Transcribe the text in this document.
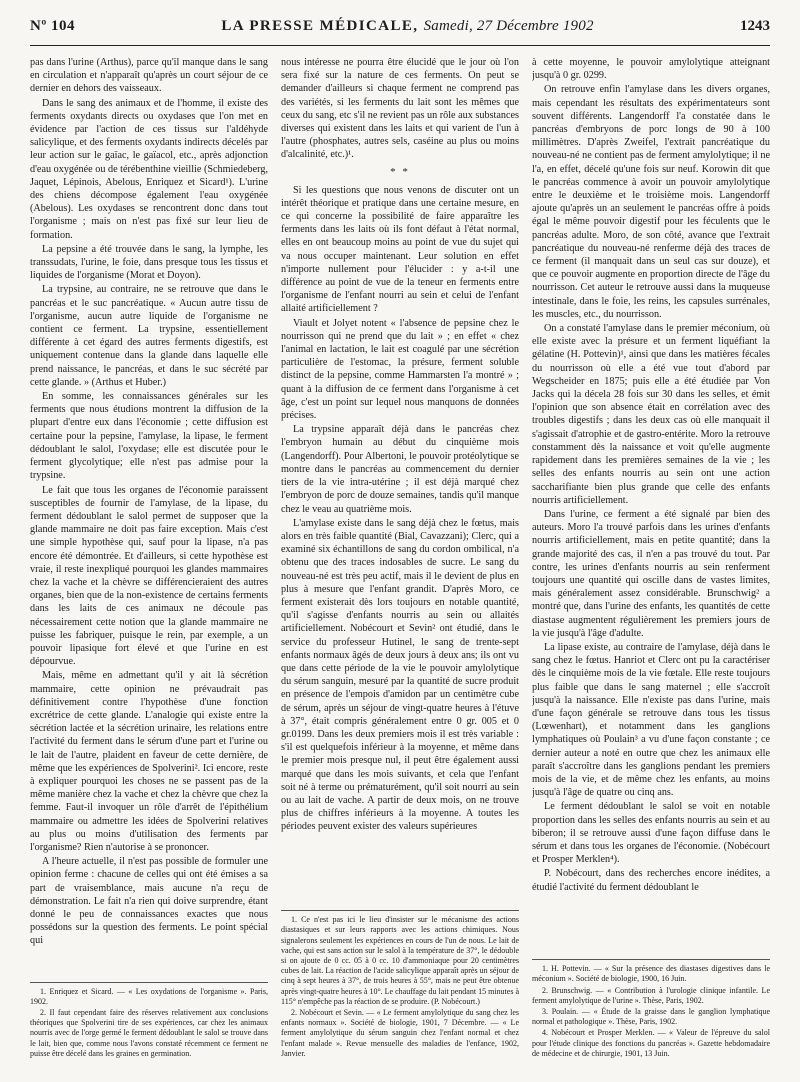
Nº 104	LA PRESSE MÉDICALE, Samedi, 27 Décembre 1902	1243

pas dans l'urine (Arthus), parce qu'il manque dans le sang en circulation et n'apparaît qu'après un court séjour de ce dernier en dehors des vaisseaux.

Dans le sang des animaux et de l'homme, il existe des ferments oxydants directs ou oxydases que l'on met en évidence par l'action de ces tissus sur l'aldéhyde salicylique, et des ferments oxydants indirects décelés par leur action sur le gaïac, le gaïacol, etc., après adjonction d'eau oxygénée ou de térébenthine vieillie (Schmiedeberg, Jaquet, Lépinois, Abelous, Enriquez et Sicard¹). L'urine des chiens décompose également l'eau oxygénée (Abelous). Les oxydases se rencontrent donc dans tout l'organisme ; mais on n'est pas fixé sur leur lieu de formation.

La pepsine a été trouvée dans le sang, la lymphe, les transsudats, l'urine, le foie, dans presque tous les tissus et liquides de l'organisme (Morat et Doyon).

La trypsine, au contraire, ne se retrouve que dans le pancréas et le suc pancréatique. « Aucun autre tissu de l'organisme, aucun autre liquide de l'organisme ne contient ce ferment. La trypsine, essentiellement différente à cet égard des autres ferments digestifs, est uniquement contenue dans la glande dans laquelle elle prend naissance, le pancréas, et dans le suc sécrété par cette glande. » (Arthus et Huber.)

En somme, les connaissances générales sur les ferments que nous étudions montrent la diffusion de la plupart d'entre eux dans l'économie ; cette diffusion est certaine pour la pepsine, l'amylase, la lipase, le ferment dédoublant le salol, l'oxydase; elle est discutée pour le ferment glycolytique; elle n'est pas admise pour la trypsine.

Le fait que tous les organes de l'économie paraissent susceptibles de fournir de l'amylase, de la lipase, du ferment dédoublant le salol permet de supposer que la glande mammaire ne doit pas faire exception. Mais c'est une simple hypothèse qui, sauf pour la lipase, n'a pas encore été démontrée. Et d'ailleurs, si cette hypothèse est vraie, il reste inexpliqué pourquoi les glandes mammaires chez la vache et la chèvre se différencieraient des autres organes, bien que de la non-existence de certains ferments dans les laits de ces animaux ne découle pas nécessairement cette notion que la glande mammaire ne puisse les fabriquer, puisque le rein, par exemple, a un pouvoir lipasique fort élevé et que l'urine en est dépourvue.

Mais, même en admettant qu'il y ait là sécrétion mammaire, cette opinion ne prévaudrait pas définitivement contre l'hypothèse d'une fonction excrétrice de cette glande. L'analogie qui existe entre la sécrétion lactée et la sécrétion urinaire, les relations entre l'activité du ferment dans le sérum d'une part et l'urine ou le lait de l'autre, plaident en faveur de cette dernière, de même que les expériences de Spolverini². Ici encore, reste à expliquer pourquoi les choses ne se passent pas de la même manière chez la vache et chez la chèvre que chez la femme. Faut-il invoquer un rôle d'arrêt de l'épithélium mammaire ou admettre les idées de Spolverini relatives au plus ou moins d'utilisation des ferments par l'organisme? Rien n'autorise à se prononcer.

A l'heure actuelle, il n'est pas possible de formuler une opinion ferme : chacune de celles qui ont été émises a sa part de vraisemblance, mais aucune n'a reçu de démonstration. Le fait n'a rien qui doive surprendre, étant donné le peu de connaissances exactes que nous possédons sur la question des ferments. Le point spécial qui

1. Enriquez et Sicard. — « Les oxydations de l'organisme ». Paris, 1902.

2. Il faut cependant faire des réserves relativement aux conclusions théoriques que Spolverini tire de ses expériences, car chez les animaux nourris avec de l'orge germé le ferment dédoublant le salol se trouve dans le lait, bien que, comme nous l'avons constaté récemment ce ferment ne puisse être décelé dans les graines en germination.

nous intéresse ne pourra être élucidé que le jour où l'on sera fixé sur la nature de ces ferments. On peut se demander d'ailleurs si chaque ferment ne comprend pas des variétés, si les ferments du lait sont les mêmes que ceux du sang, etc s'il ne revient pas un rôle aux substances diverses qui existent dans les laits et qui varient de l'un à l'autre (phosphates, autres sels, caséine au plus ou moins d'alcalinité, etc.)¹.

* *

Si les questions que nous venons de discuter ont un intérêt théorique et pratique dans une certaine mesure, en ce qui concerne la possibilité de faire apparaître les ferments dans les laits où ils font défaut à l'état normal, elles en ont beaucoup moins au point de vue du sujet qui va nous occuper maintenant. Leur solution en effet n'importe nullement pour l'élucider : y a-t-il une différence au point de vue de la teneur en ferments entre l'organisme de l'enfant nourri au sein et celui de l'enfant allaité artificiellement ?

Viault et Jolyet notent « l'absence de pepsine chez le nourrisson qui ne prend que du lait » ; en effet « chez l'animal en lactation, le lait est coagulé par une sécrétion particulière de l'estomac, la présure, ferment soluble distinct de la pepsine, comme Hammarsten l'a montré » ; quant à la diffusion de ce ferment dans l'organisme à cet âge, c'est un point sur lequel nous manquons de données précises.

La trypsine apparaît déjà dans le pancréas chez l'embryon humain au début du cinquième mois (Langendorff). Pour Albertoni, le pouvoir protéolytique se montre dans le pancréas au commencement du dernier tiers de la vie intra-utérine ; il est déjà marqué chez l'embryon de porc de douze semaines, tandis qu'il manque chez le veau au quatrième mois.

L'amylase existe dans le sang déjà chez le fœtus, mais alors en très faible quantité (Bial, Cavazzani); Clerc, qui a examiné six échantillons de sang du cordon ombilical, n'a obtenu que des traces indosables de sucre. Le sang du nouveau-né est très peu actif, mais il le devient de plus en plus à mesure que l'enfant grandit. D'après Moro, ce ferment existerait dès lors toujours en notable quantité, qu'il s'agisse d'enfants nourris au sein ou allaités artificiellement. Nobécourt et Sevin² ont étudié, dans le service du professeur Hutinel, le sang de trente-sept enfants normaux âgés de deux jours à deux ans; ils ont vu que dans cette période de la vie le pouvoir amylolytique du sérum sanguin, mesuré par la quantité de sucre produit en présence de l'empois d'amidon par un centimètre cube de sérum, après un séjour de vingt-quatre heures à l'étuve à 37°, était compris généralement entre 0 gr. 005 et 0 gr.0199. Dans les deux premiers mois il est très variable : s'il est quelquefois inférieur à la moyenne, et même dans le premier mois presque nul, il peut être également aussi marqué que dans les mois suivants, et cela que l'enfant soit né à terme ou prématurément, qu'il soit nourri au sein ou au lait de vache. A partir de deux mois, on ne trouve plus de chiffres inférieurs à la moyenne. A toutes les périodes peuvent exister des valeurs supérieures

1. Ce n'est pas ici le lieu d'insister sur le mécanisme des actions diastasiques et sur leurs rapports avec les actions chimiques. Nous signalerons seulement les expériences en cours de l'un de nous. Le lait de vache, qui est sans action sur le salol à la température de 37°, le dédouble si on ajoute de 0 cc. 05 à 0 cc. 10 d'ammoniaque pour 20 centimètres cubes de lait. La réaction de l'acide salicylique apparaît après un séjour de cinq à sept heures à 37°, de trois heures à 55°, mais ne peut être obtenue après vingt-quatre heures à 10°. Le chauffage du lait pendant 15 minutes à 115° n'empêche pas la réaction de se produire. (P. Nobécourt.)

2. Nobécourt et Sevin. — « Le ferment amylolytique du sang chez les enfants normaux ». Société de biologie, 1901, 7 Décembre. — « Le ferment amylolytique du sérum sanguin chez l'enfant normal et chez l'enfant malade ». Revue mensuelle des maladies de l'enfance, 1902, Janvier.

à cette moyenne, le pouvoir amylolytique atteignant jusqu'à 0 gr. 0299.

On retrouve enfin l'amylase dans les divers organes, mais cependant les résultats des expérimentateurs sont souvent différents. Langendorff l'a constatée dans le pancréas d'embryons de porc longs de 90 à 100 millimètres. D'après Zweifel, l'extrait pancréatique du nouveau-né ne contient pas de ferment amylolytique; il ne l'a, en effet, décelé qu'une fois sur neuf. Korowin dit que le pancréas commence à avoir un pouvoir amylolytique entre le deuxième et le troisième mois. Langendorff ajoute qu'après un an seulement le pancréas offre à poids égal le même pouvoir digestif pour les féculents que le pancréas adulte. Moro, de son côté, avance que l'extrait pancréatique du nouveau-né renferme déjà des traces de ce ferment (il manquait dans un seul cas sur douze), et que ce pouvoir augmente en proportion directe de l'âge du nourrisson. Cet auteur le retrouve aussi dans la muqueuse intestinale, dans le foie, les reins, les capsules surrénales, les muscles, etc., du nourrisson.

On a constaté l'amylase dans le premier méconium, où elle existe avec la présure et un ferment liquéfiant la gélatine (H. Pottevin)¹, ainsi que dans les matières fécales du nourrisson où elle a été vue tout d'abord par Wegscheider en 1875; puis elle a été étudiée par Von Jacks qui la décela 28 fois sur 30 dans les selles, et émit l'opinion que son absence était en corrélation avec des troubles digestifs ; dans les deux cas où elle manquait il s'agissait d'atrophie et de gastro-entérite. Moro la retrouve constamment dès la naissance et voit qu'elle augmente rapidement dans les premières semaines de la vie ; les selles des enfants nourris au sein ont une action saccharifiante bien plus grande que celle des enfants nourris artificiellement.

Dans l'urine, ce ferment a été signalé par bien des auteurs. Moro l'a trouvé parfois dans les urines d'enfants nourris artificiellement, mais en petite quantité; dans la grande majorité des cas, il n'en a pas trouvé du tout. Par contre, les urines d'enfants nourris au sein renferment toujours une quantité qui oscille dans de vastes limites, mais généralement assez considérable. Brunschwig² a montré que, dans l'urine des enfants, les quantités de cette diastase augmentent régulièrement les premiers jours de la vie jusqu'à l'âge d'adulte.

La lipase existe, au contraire de l'amylase, déjà dans le sang chez le fœtus. Hanriot et Clerc ont pu la caractériser dès le cinquième mois de la vie fœtale. Elle reste toujours plus faible que dans le sang maternel ; elle s'accroît jusqu'à la naissance. Elle n'existe pas dans l'urine, mais d'une façon générale se retrouve dans tous les tissus (Lœwenhart), et notamment dans les ganglions lymphatiques où Poulain³ a vu d'une façon constante ; ce dernier auteur a noté en outre que chez les animaux elle paraît s'accroître dans les ganglions pendant les premiers mois de la vie, et de même chez les enfants, au moins jusqu'à l'âge de quatre ou cinq ans.

Le ferment dédoublant le salol se voit en notable proportion dans les selles des enfants nourris au sein et au biberon; il se retrouve aussi d'une façon diffuse dans le sérum et dans tous les organes de l'économie. (Nobécourt et Prosper Merklen⁴).

P. Nobécourt, dans des recherches encore inédites, a étudié l'activité du ferment dédoublant le

1. H. Pottevin. — « Sur la présence des diastases digestives dans le méconium ». Société de biologie, 1900, 16 Juin.

2. Brunschwig. — « Contribution à l'urologie clinique infantile. Le ferment amylolytique de l'urine ». Thèse, Paris, 1902.

3. Poulain. — « Étude de la graisse dans le ganglion lymphatique normal et pathologique ». Thèse, Paris, 1902.

4. Nobécourt et Prosper Merklen. — « Valeur de l'épreuve du salol pour l'étude clinique des fonctions du pancréas ». Gazette hebdomadaire de médecine et de chirurgie, 1901, 13 Juin.
